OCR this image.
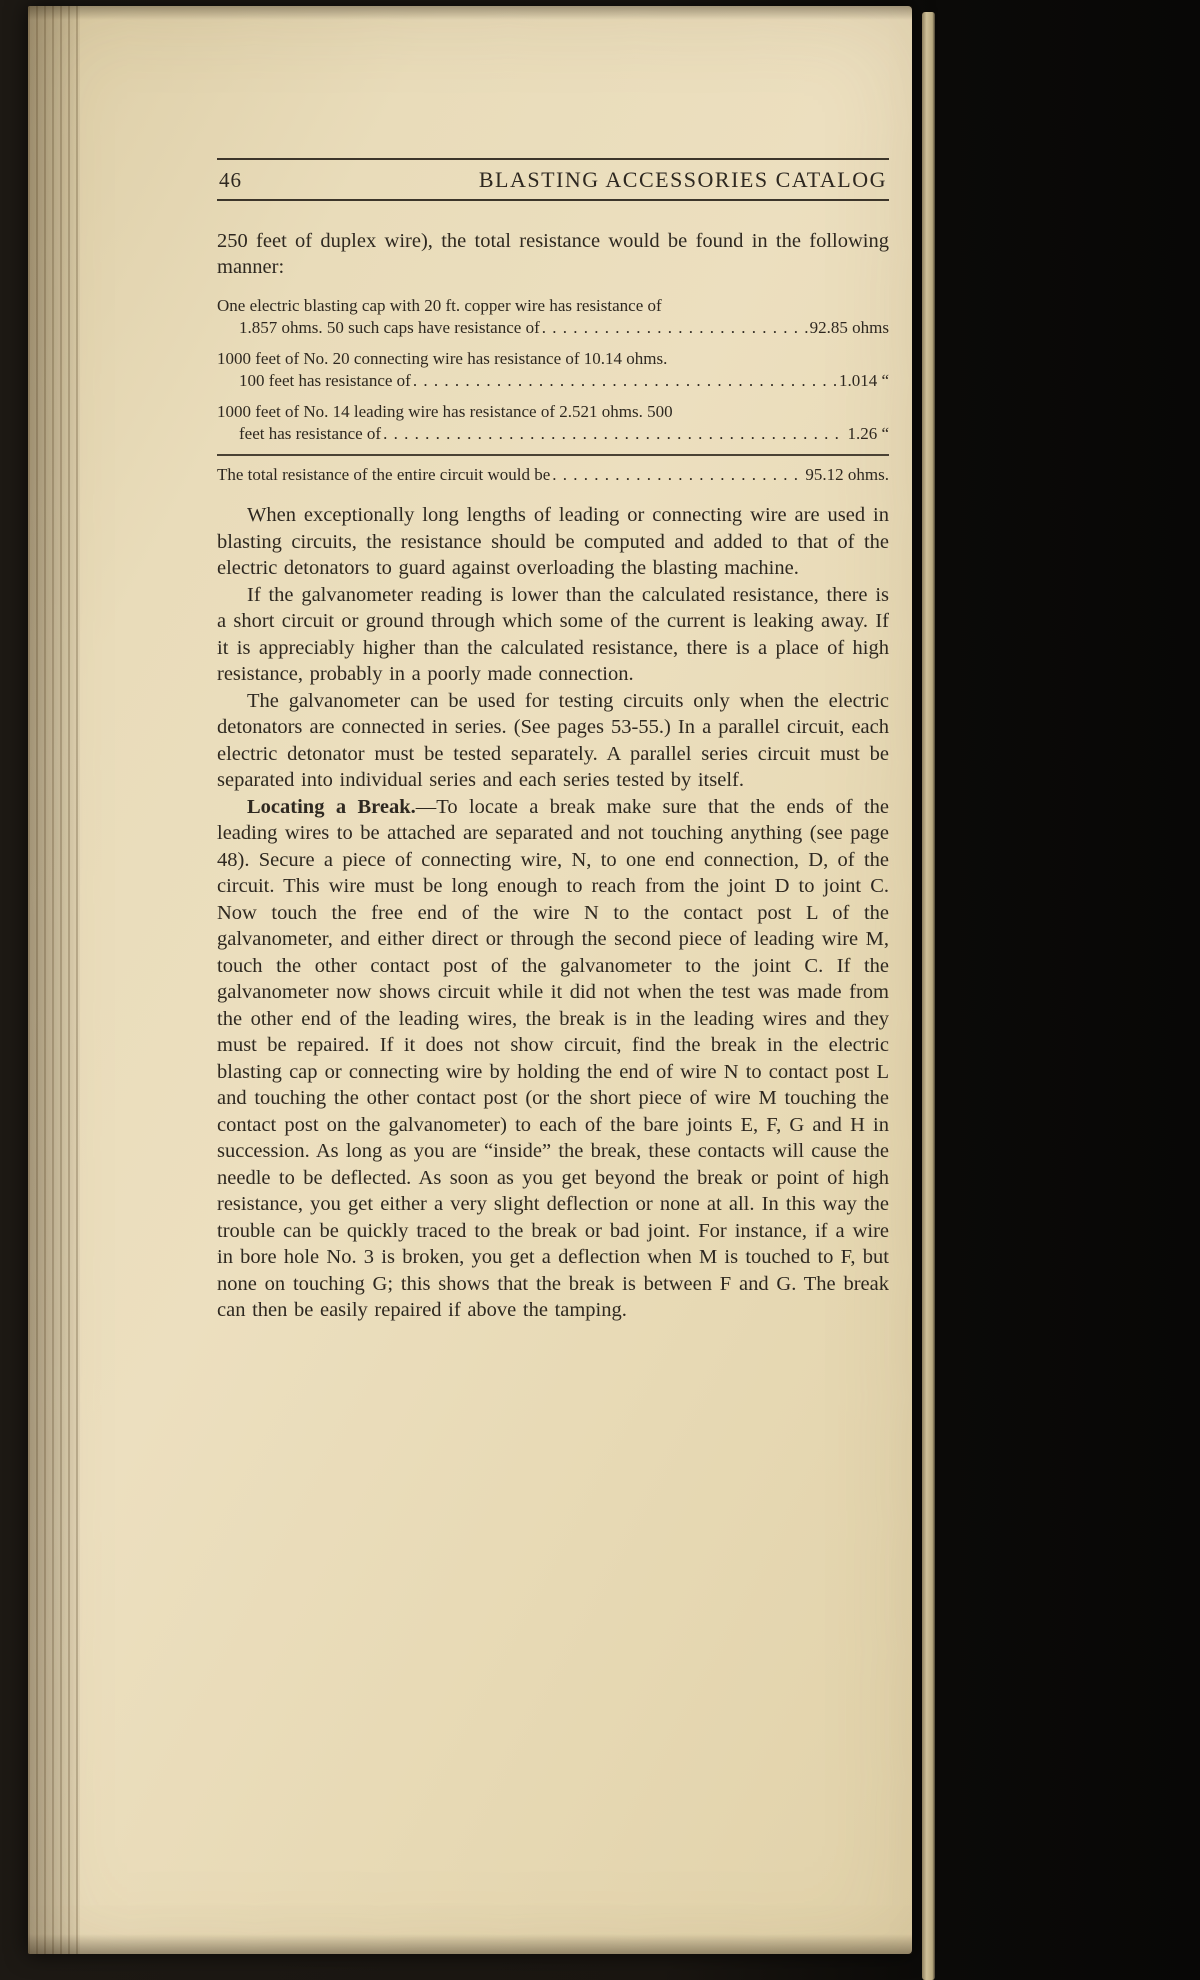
46	BLASTING ACCESSORIES CATALOG

250 feet of duplex wire), the total resistance would be found in the following manner:

One electric blasting cap with 20 ft. copper wire has resistance of
1.857 ohms. 50 such caps have resistance of . . .	92.85 ohms
1000 feet of No. 20 connecting wire has resistance of 10.14 ohms.
100 feet has resistance of . . .	1.014 “
1000 feet of No. 14 leading wire has resistance of 2.521 ohms. 500
feet has resistance of . . .	1.26 “
The total resistance of the entire circuit would be . . .	95.12 ohms.

When exceptionally long lengths of leading or connecting wire are used in blasting circuits, the resistance should be computed and added to that of the electric detonators to guard against overloading the blasting machine.

If the galvanometer reading is lower than the calculated resistance, there is a short circuit or ground through which some of the current is leaking away. If it is appreciably higher than the calculated resistance, there is a place of high resistance, probably in a poorly made connection.

The galvanometer can be used for testing circuits only when the electric detonators are connected in series. (See pages 53-55.) In a parallel circuit, each electric detonator must be tested separately. A parallel series circuit must be separated into individual series and each series tested by itself.

Locating a Break.—To locate a break make sure that the ends of the leading wires to be attached are separated and not touching anything (see page 48). Secure a piece of connecting wire, N, to one end connection, D, of the circuit. This wire must be long enough to reach from the joint D to joint C. Now touch the free end of the wire N to the contact post L of the galvanometer, and either direct or through the second piece of leading wire M, touch the other contact post of the galvanometer to the joint C. If the galvanometer now shows circuit while it did not when the test was made from the other end of the leading wires, the break is in the leading wires and they must be repaired. If it does not show circuit, find the break in the electric blasting cap or connecting wire by holding the end of wire N to contact post L and touching the other contact post (or the short piece of wire M touching the contact post on the galvanometer) to each of the bare joints E, F, G and H in succession. As long as you are “inside” the break, these contacts will cause the needle to be deflected. As soon as you get beyond the break or point of high resistance, you get either a very slight deflection or none at all. In this way the trouble can be quickly traced to the break or bad joint. For instance, if a wire in bore hole No. 3 is broken, you get a deflection when M is touched to F, but none on touching G; this shows that the break is between F and G. The break can then be easily repaired if above the tamping.
